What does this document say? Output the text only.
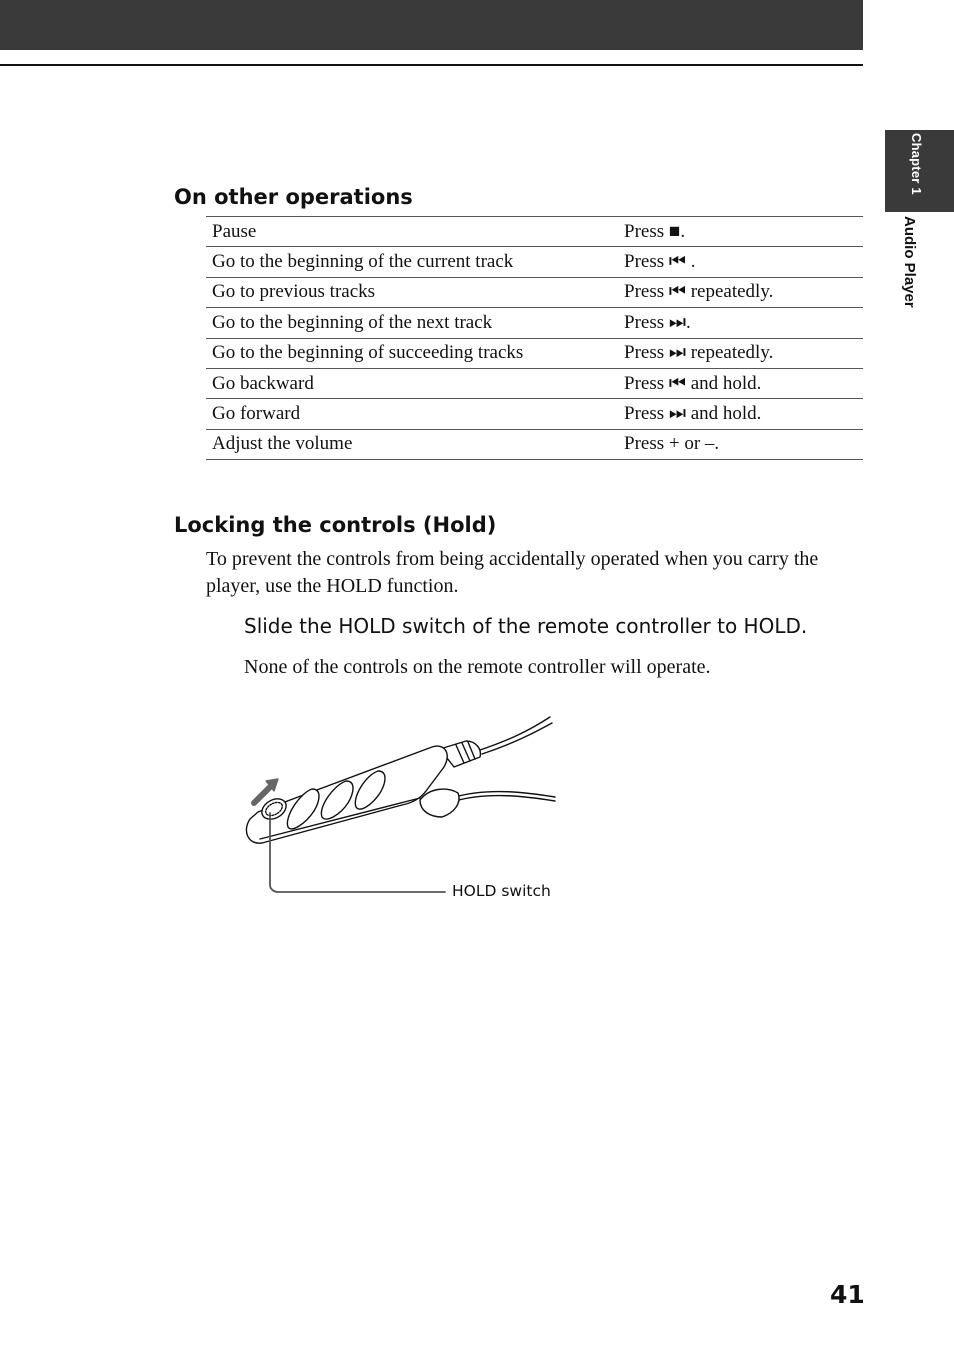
Chapter 1
Audio Player
On other operations
Pause	Press ■.
Go to the beginning of the current track	Press ⏮ .
Go to previous tracks	Press ⏮ repeatedly.
Go to the beginning of the next track	Press ⏭.
Go to the beginning of succeeding tracks	Press ⏭ repeatedly.
Go backward	Press ⏮ and hold.
Go forward	Press ⏭ and hold.
Adjust the volume	Press + or –.
Locking the controls (Hold)
To prevent the controls from being accidentally operated when you carry the player, use the HOLD function.
Slide the HOLD switch of the remote controller to HOLD.
None of the controls on the remote controller will operate.
HOLD switch
41
